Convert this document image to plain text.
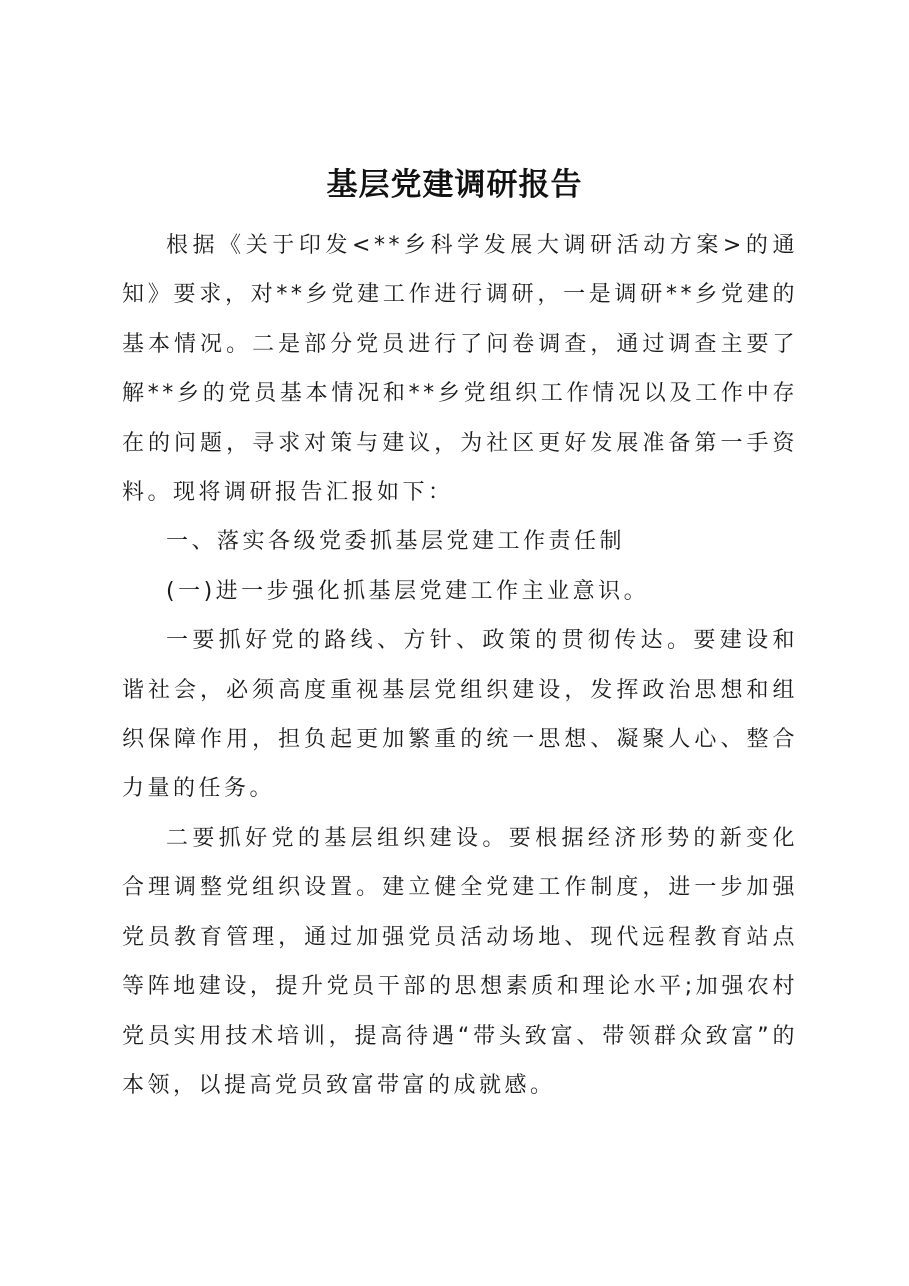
基层党建调研报告

根据《关于印发<**乡科学发展大调研活动方案>的通知》要求，对**乡党建工作进行调研，一是调研**乡党建的基本情况。二是部分党员进行了问卷调查，通过调查主要了解**乡的党员基本情况和**乡党组织工作情况以及工作中存在的问题，寻求对策与建议，为社区更好发展准备第一手资料。现将调研报告汇报如下：

一、落实各级党委抓基层党建工作责任制

(一)进一步强化抓基层党建工作主业意识。

一要抓好党的路线、方针、政策的贯彻传达。要建设和谐社会，必须高度重视基层党组织建设，发挥政治思想和组织保障作用，担负起更加繁重的统一思想、凝聚人心、整合力量的任务。

二要抓好党的基层组织建设。要根据经济形势的新变化合理调整党组织设置。建立健全党建工作制度，进一步加强党员教育管理，通过加强党员活动场地、现代远程教育站点等阵地建设，提升党员干部的思想素质和理论水平;加强农村党员实用技术培训，提高待遇“带头致富、带领群众致富”的本领，以提高党员致富带富的成就感。
